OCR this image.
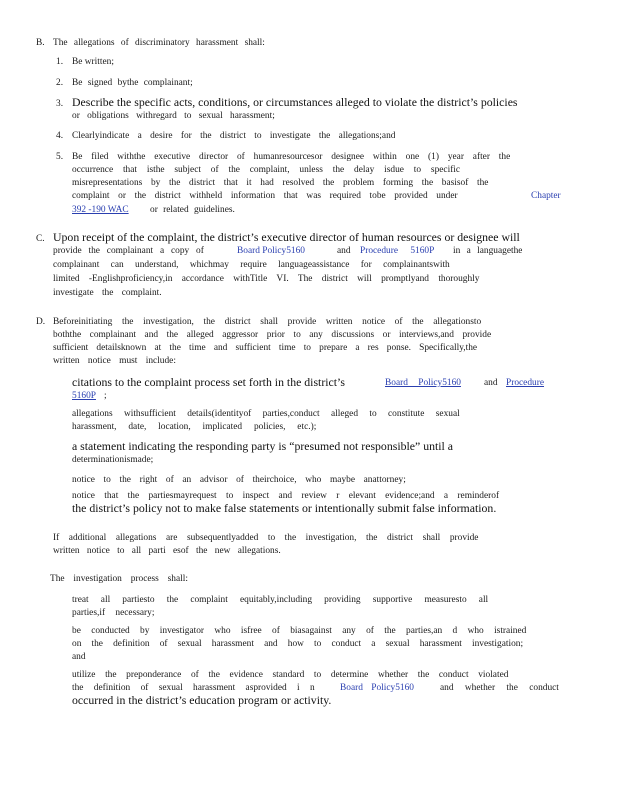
B. The allegations of discriminatory harassment shall:
1. Be written;
2. Be signed bythe complainant;
3. Describe the specific acts, conditions, or circumstances alleged to violate the district’s policies
or obligations withregard to sexual harassment;
4. Clearlyindicate a desire for the district to investigate the allegations;and
5. Be filed withthe executive director of humanresourcesor designee within one (1) year after the
occurrence that isthe subject of the complaint, unless the delay isdue to specific
misrepresentations by the district that it had resolved the problem forming the basisof the
complaint or the district withheld information that was required tobe provided under	Chapter
392 -190 WAC or related guidelines.
C. Upon receipt of the complaint, the district’s executive director of human resources or designee will
provide the complainant a copy of	Board Policy5160	and Procedure 5160P in a languagethe
complainant can understand, whichmay require languageassistance for complainantswith
limited -Englishproficiency,in accordance withTitle VI. The district will promptlyand thoroughly
investigate the complaint.
D. Beforeinitiating the investigation, the district shall provide written notice of the allegationsto
boththe complainant and the alleged aggressor prior to any discussions or interviews,and provide
sufficient detailsknown at the time and sufficient time to prepare a res ponse. Specifically,the
written notice must include:
citations to the complaint process set forth in the district’s	Board Policy5160	and Procedure
5160P ;
allegations withsufficient details(identityof parties,conduct alleged to constitute sexual
harassment, date, location, implicated policies, etc.);
a statement indicating the responding party is “presumed not responsible” until a
determinationismade;
notice to the right of an advisor of theirchoice, who maybe anattorney;
notice that the partiesmayrequest to inspect and review r elevant evidence;and a reminderof
the district’s policy not to make false statements or intentionally submit false information.
If additional allegations are subsequentlyadded to the investigation, the district shall provide
written notice to all parti esof the new allegations.
The investigation process shall:
treat all partiesto the complaint equitably,including providing supportive measuresto all
parties,if necessary;
be conducted by investigator who isfree of biasagainst any of the parties,an d who istrained
on the definition of sexual harassment and how to conduct a sexual harassment investigation;
and
utilize the preponderance of the evidence standard to determine whether the conduct violated
the definition of sexual harassment asprovided i n	Board Policy5160	and whether the conduct
occurred in the district’s education program or activity.
